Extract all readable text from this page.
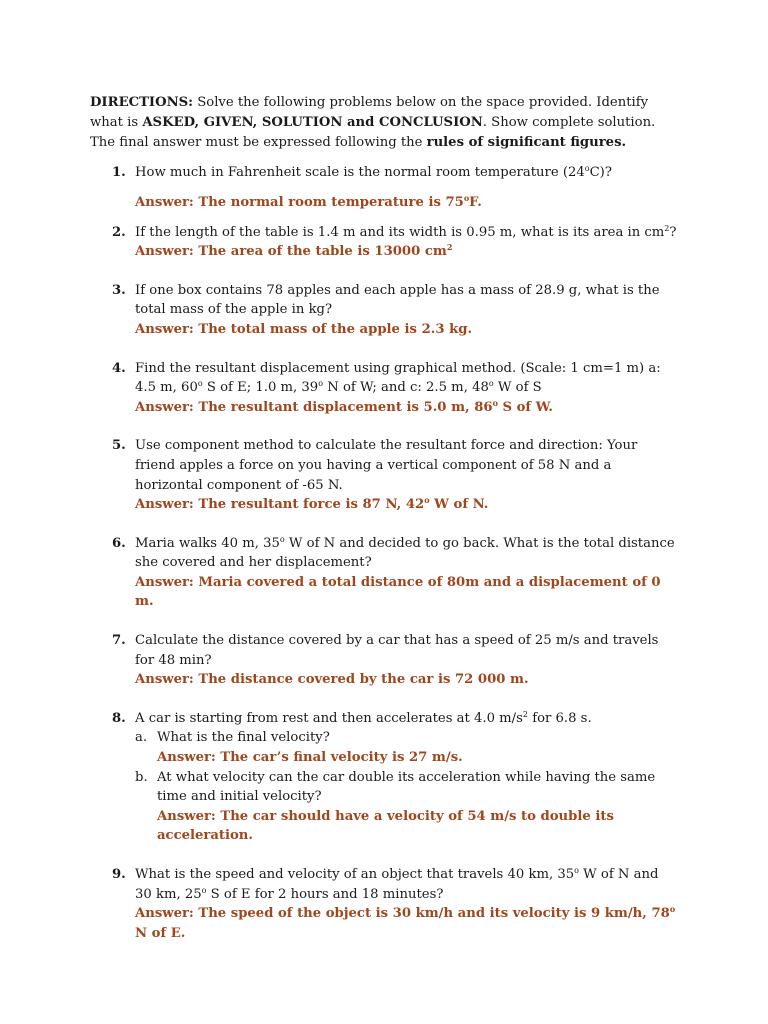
DIRECTIONS: Solve the following problems below on the space provided. Identify what is ASKED, GIVEN, SOLUTION and CONCLUSION. Show complete solution. The final answer must be expressed following the rules of significant figures.

1. How much in Fahrenheit scale is the normal room temperature (24$^o$C)?
Answer: The normal room temperature is 75$^o$F.
2. If the length of the table is 1.4 m and its width is 0.95 m, what is its area in $cm^2$?
Answer: The area of the table is 13000 $cm^2$
3. If one box contains 78 apples and each apple has a mass of 28.9 g, what is the total mass of the apple in kg?
Answer: The total mass of the apple is 2.3 kg.
4. Find the resultant displacement using graphical method. (Scale: 1 cm=1 m) a: 4.5 m, 60$^o$ S of E; 1.0 m, 39$^o$ N of W; and c: 2.5 m, 48$^o$ W of S
Answer: The resultant displacement is 5.0 m, 86$^o$ S of W.
5. Use component method to calculate the resultant force and direction: Your friend apples a force on you having a vertical component of 58 N and a horizontal component of -65 N.
Answer: The resultant force is 87 N, 42$^o$ W of N.
6. Maria walks 40 m, 35$^o$ W of N and decided to go back. What is the total distance she covered and her displacement?
Answer: Maria covered a total distance of 80m and a displacement of 0 m.
7. Calculate the distance covered by a car that has a speed of 25 m/s and travels for 48 min?
Answer: The distance covered by the car is 72 000 m.
8. A car is starting from rest and then accelerates at 4.0 $m/s^2$ for 6.8 s.
a. What is the final velocity?
Answer: The car’s final velocity is 27 m/s.
b. At what velocity can the car double its acceleration while having the same time and initial velocity?
Answer: The car should have a velocity of 54 m/s to double its acceleration.
9. What is the speed and velocity of an object that travels 40 km, 35$^o$ W of N and 30 km, 25$^o$ S of E for 2 hours and 18 minutes?
Answer: The speed of the object is 30 km/h and its velocity is 9 km/h, 78$^o$ N of E.
